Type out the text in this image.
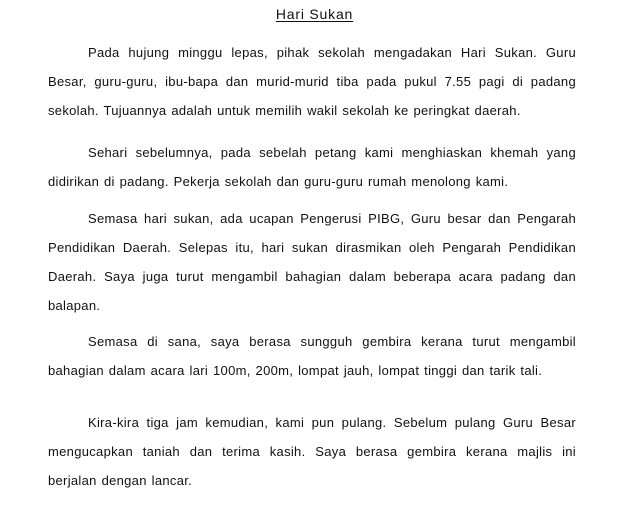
Hari Sukan

Pada hujung minggu lepas, pihak sekolah mengadakan Hari Sukan. Guru Besar, guru-guru, ibu-bapa dan murid-murid tiba pada pukul 7.55 pagi di padang sekolah. Tujuannya adalah untuk memilih wakil sekolah ke peringkat daerah.

Sehari sebelumnya, pada sebelah petang kami menghiaskan khemah yang didirikan di padang. Pekerja sekolah dan guru-guru rumah menolong kami.

Semasa hari sukan, ada ucapan Pengerusi PIBG, Guru besar dan Pengarah Pendidikan Daerah. Selepas itu, hari sukan dirasmikan oleh Pengarah Pendidikan Daerah. Saya juga turut mengambil bahagian dalam beberapa acara padang dan balapan.

Semasa di sana, saya berasa sungguh gembira kerana turut mengambil bahagian dalam acara lari 100m, 200m, lompat jauh, lompat tinggi dan tarik tali.

Kira-kira tiga jam kemudian, kami pun pulang. Sebelum pulang Guru Besar mengucapkan taniah dan terima kasih. Saya berasa gembira kerana majlis ini berjalan dengan lancar.
